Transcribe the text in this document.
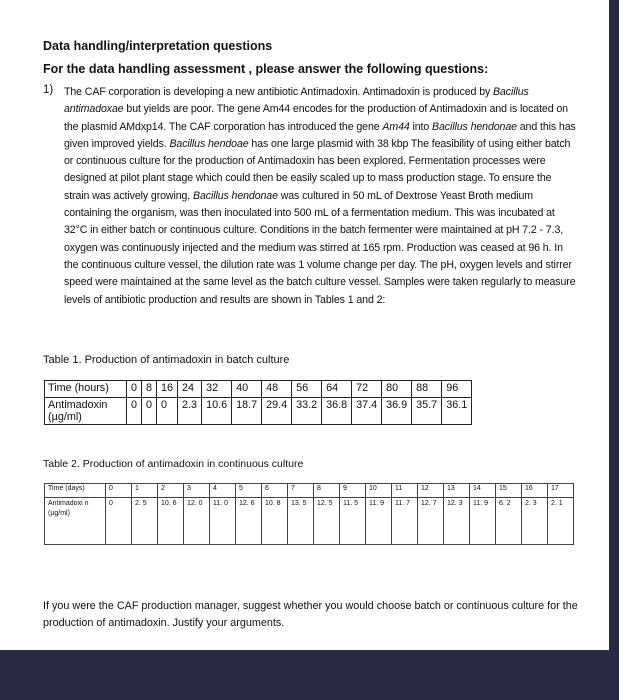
Data handling/interpretation questions
For the data handling assessment , please answer the following questions:
1) The CAF corporation is developing a new antibiotic Antimadoxin. Antimadoxin is produced by Bacillus antimadoxae but yields are poor. The gene Am44 encodes for the production of Antimadoxin and is located on the plasmid AMdxp14. The CAF corporation has introduced the gene Am44 into Bacillus hendonae and this has given improved yields. Bacillus hendoae has one large plasmid with 38 kbp The feasibility of using either batch or continuous culture for the production of Antimadoxin has been explored. Fermentation processes were designed at pilot plant stage which could then be easily scaled up to mass production stage. To ensure the strain was actively growing, Bacillus hendonae was cultured in 50 mL of Dextrose Yeast Broth medium containing the organism, was then inoculated into 500 mL of a fermentation medium. This was incubated at 32°C in either batch or continuous culture. Conditions in the batch fermenter were maintained at pH 7.2 - 7.3, oxygen was continuously injected and the medium was stirred at 165 rpm. Production was ceased at 96 h. In the continuous culture vessel, the dilution rate was 1 volume change per day. The pH, oxygen levels and stirrer speed were maintained at the same level as the batch culture vessel. Samples were taken regularly to measure levels of antibiotic production and results are shown in Tables 1 and 2:
Table 1. Production of antimadoxin in batch culture
Time (hours)	0	8	16	24	32	40	48	56	64	72	80	88	96

Antimadoxin (µg/ml)	0	0	0	2.3	10.6	18.7	29.4	33.2	36.8	37.4	36.9	35.7	36.1
Table 2. Production of antimadoxin in continuous culture
Time (days)	0	1	2	3	4	5	6	7	8	9	10	11	12	13	14	15	16	17

Antimadoxi n (µg/ml)	0	2. 5	10. 6	12. 0	11. 0	12. 6	10. 8	13. 5	12. 5	11. 5	11. 9	11. 7	12. 7	12. 3	11. 9	6. 2	2. 3	2. 1
If you were the CAF production manager, suggest whether you would choose batch or continuous culture for the production of antimadoxin. Justify your arguments.
